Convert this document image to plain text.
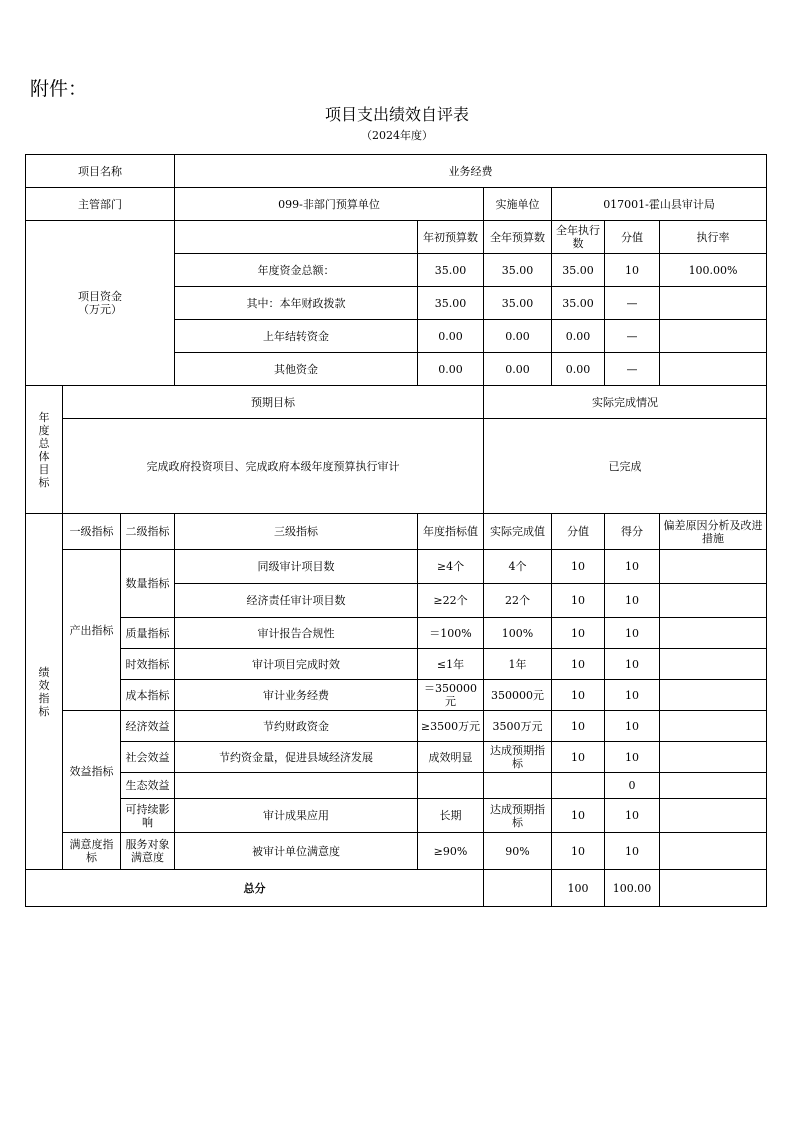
附件：
项目支出绩效自评表
（2024年度）
项目名称			业务经费						
主管部门			099-非部门预算单位		实施单位	017001-霍山县审计局			

项目资金
（万元）				年初预算数	全年预算数	全年执行数	分值	执行率	
			年度资金总额：	35.00	35.00	35.00	10	100.00%	
			其中：本年财政拨款	35.00	35.00	35.00	—		
			上年结转资金	0.00	0.00	0.00	—		
			其他资金	0.00	0.00	0.00	—		
年度总体目标	预期目标				实际完成情况				
	完成政府投资项目、完成政府本级年度预算执行审计				已完成				
绩效指标	一级指标	二级指标	三级指标	年度指标值	实际完成值	分值	得分	偏差原因分析及改进措施	
	产出指标	数量指标	同级审计项目数	≥4个	4个	10	10		
			经济责任审计项目数	≥22个	22个	10	10		
		质量指标	审计报告合规性	＝100%	100%	10	10		
		时效指标	审计项目完成时效	≤1年	1年	10	10		
		成本指标	审计业务经费	＝350000元	350000元	10	10		
	效益指标	经济效益	节约财政资金	≥3500万元	3500万元	10	10		
		社会效益	节约资金量，促进县域经济发展	成效明显	达成预期指标	10	10		
		生态效益					0		
		可持续影响	审计成果应用	长期	达成预期指标	10	10		
	满意度指标	服务对象满意度	被审计单位满意度	≥90%	90%	10	10		
总分						100	100.00		
